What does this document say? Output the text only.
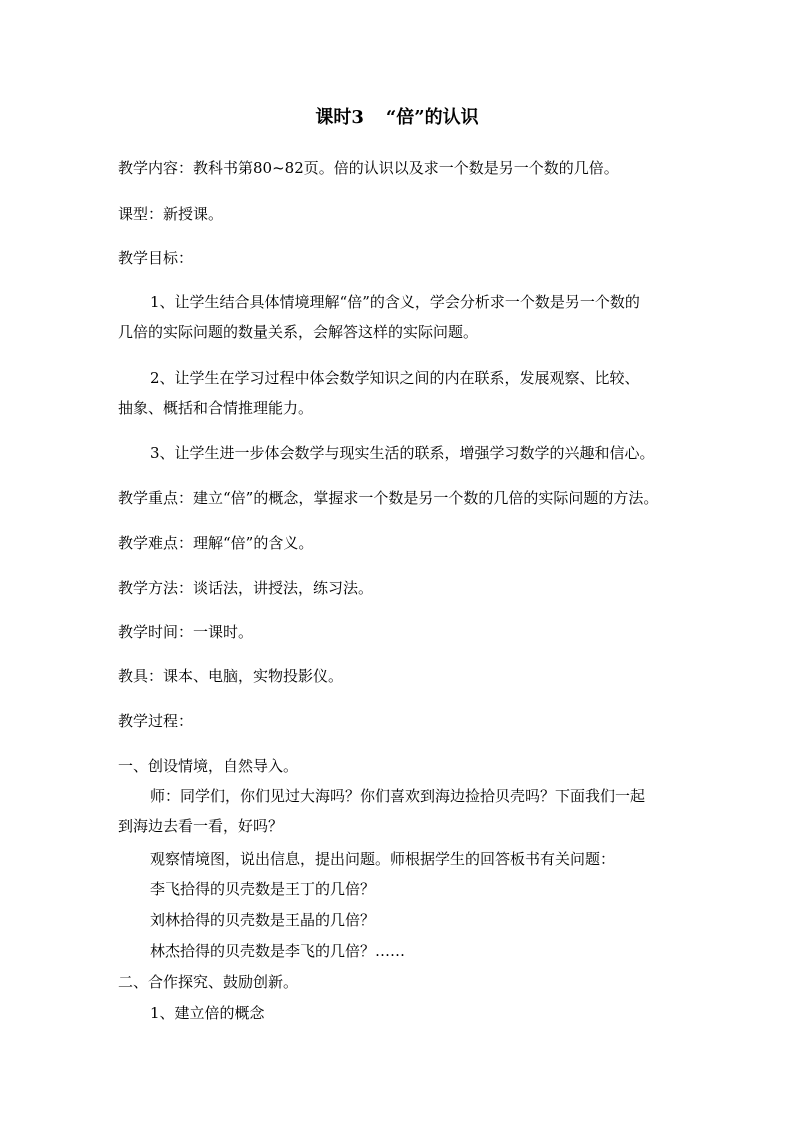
课时3 “倍”的认识
教学内容：教科书第80~82页。倍的认识以及求一个数是另一个数的几倍。
课型：新授课。
教学目标：
1、让学生结合具体情境理解“倍”的含义，学会分析求一个数是另一个数的
几倍的实际问题的数量关系，会解答这样的实际问题。
2、让学生在学习过程中体会数学知识之间的内在联系，发展观察、比较、
抽象、概括和合情推理能力。
3、让学生进一步体会数学与现实生活的联系，增强学习数学的兴趣和信心。
教学重点：建立“倍”的概念，掌握求一个数是另一个数的几倍的实际问题的方法。
教学难点：理解“倍”的含义。
教学方法：谈话法，讲授法，练习法。
教学时间：一课时。
教具：课本、电脑，实物投影仪。
教学过程：
一、创设情境，自然导入。
师：同学们，你们见过大海吗？你们喜欢到海边捡拾贝壳吗？下面我们一起
到海边去看一看，好吗？
观察情境图，说出信息，提出问题。师根据学生的回答板书有关问题：
李飞拾得的贝壳数是王丁的几倍？
刘林拾得的贝壳数是王晶的几倍？
林杰拾得的贝壳数是李飞的几倍？……
二、合作探究、鼓励创新。
1、建立倍的概念
